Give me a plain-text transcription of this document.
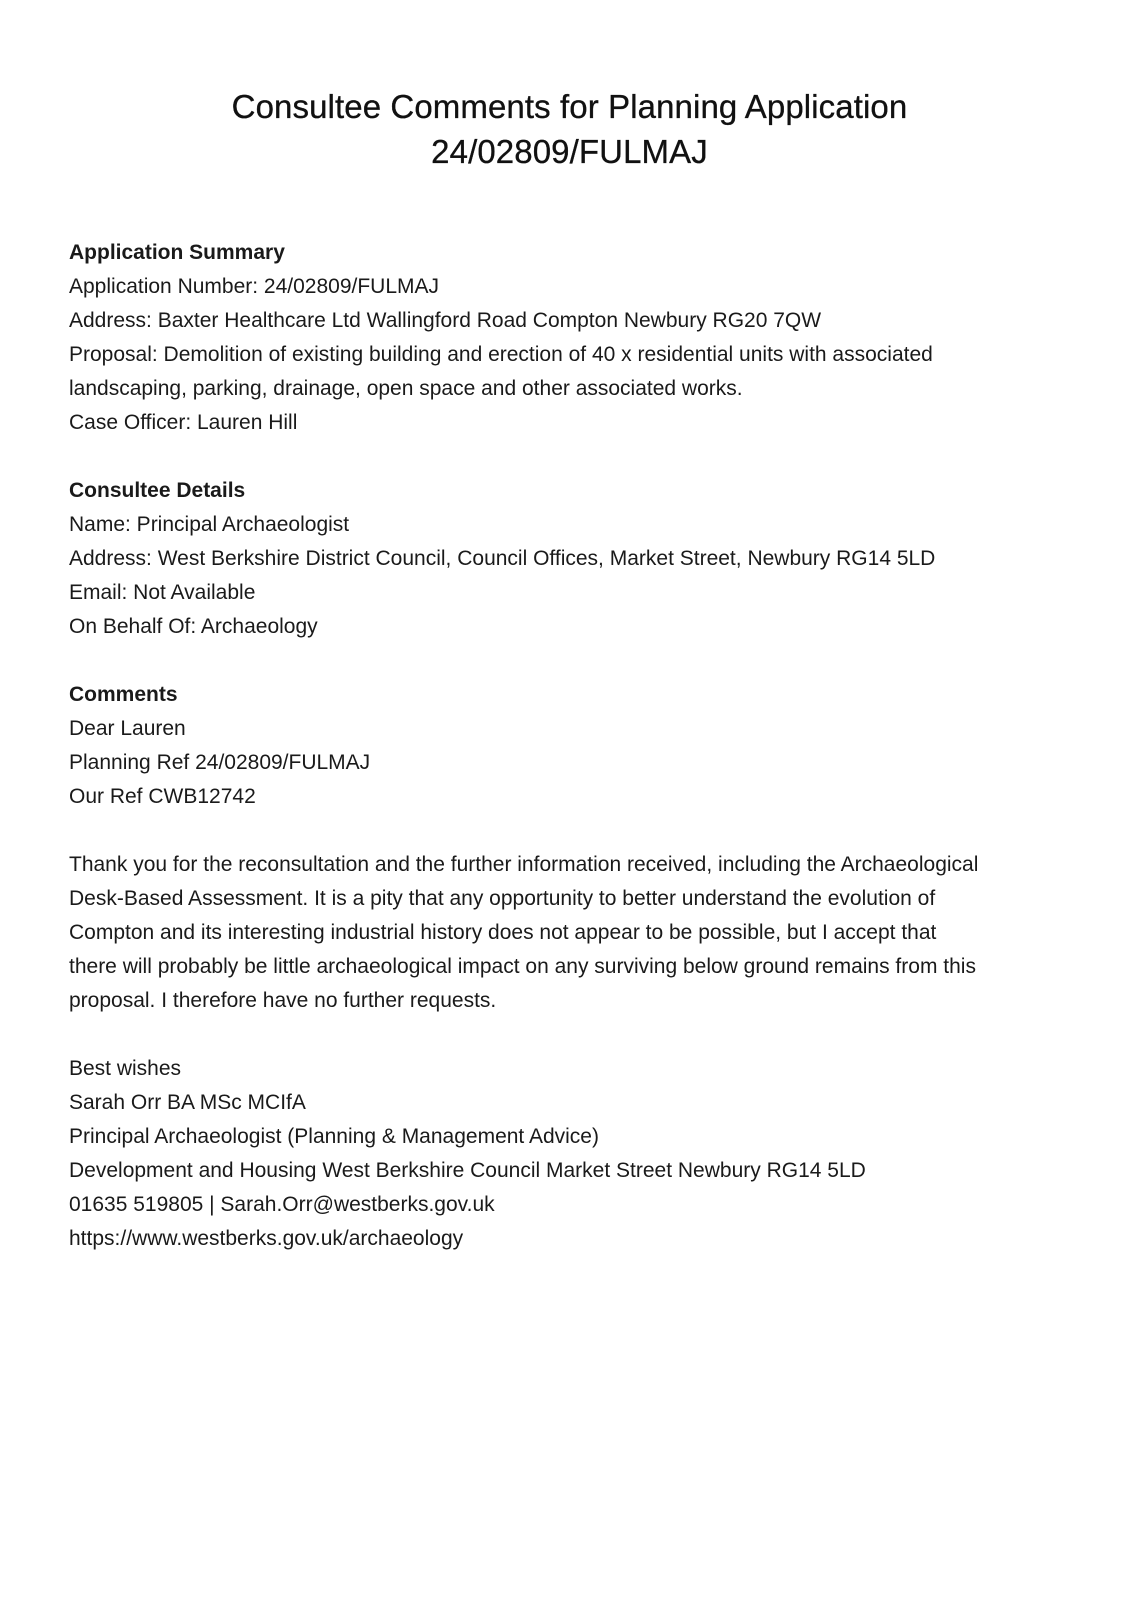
Consultee Comments for Planning Application
24/02809/FULMAJ

Application Summary

Application Number: 24/02809/FULMAJ

Address: Baxter Healthcare Ltd Wallingford Road Compton Newbury RG20 7QW

Proposal: Demolition of existing building and erection of 40 x residential units with associated

landscaping, parking, drainage, open space and other associated works.

Case Officer: Lauren Hill

Consultee Details

Name: Principal Archaeologist

Address: West Berkshire District Council, Council Offices, Market Street, Newbury RG14 5LD

Email: Not Available

On Behalf Of: Archaeology

Comments

Dear Lauren

Planning Ref 24/02809/FULMAJ

Our Ref CWB12742

Thank you for the reconsultation and the further information received, including the Archaeological
Desk-Based Assessment. It is a pity that any opportunity to better understand the evolution of
Compton and its interesting industrial history does not appear to be possible, but I accept that
there will probably be little archaeological impact on any surviving below ground remains from this
proposal. I therefore have no further requests.

Best wishes

Sarah Orr BA MSc MCIfA

Principal Archaeologist (Planning & Management Advice)

Development and Housing West Berkshire Council Market Street Newbury RG14 5LD

01635 519805 | Sarah.Orr@westberks.gov.uk

https://www.westberks.gov.uk/archaeology
